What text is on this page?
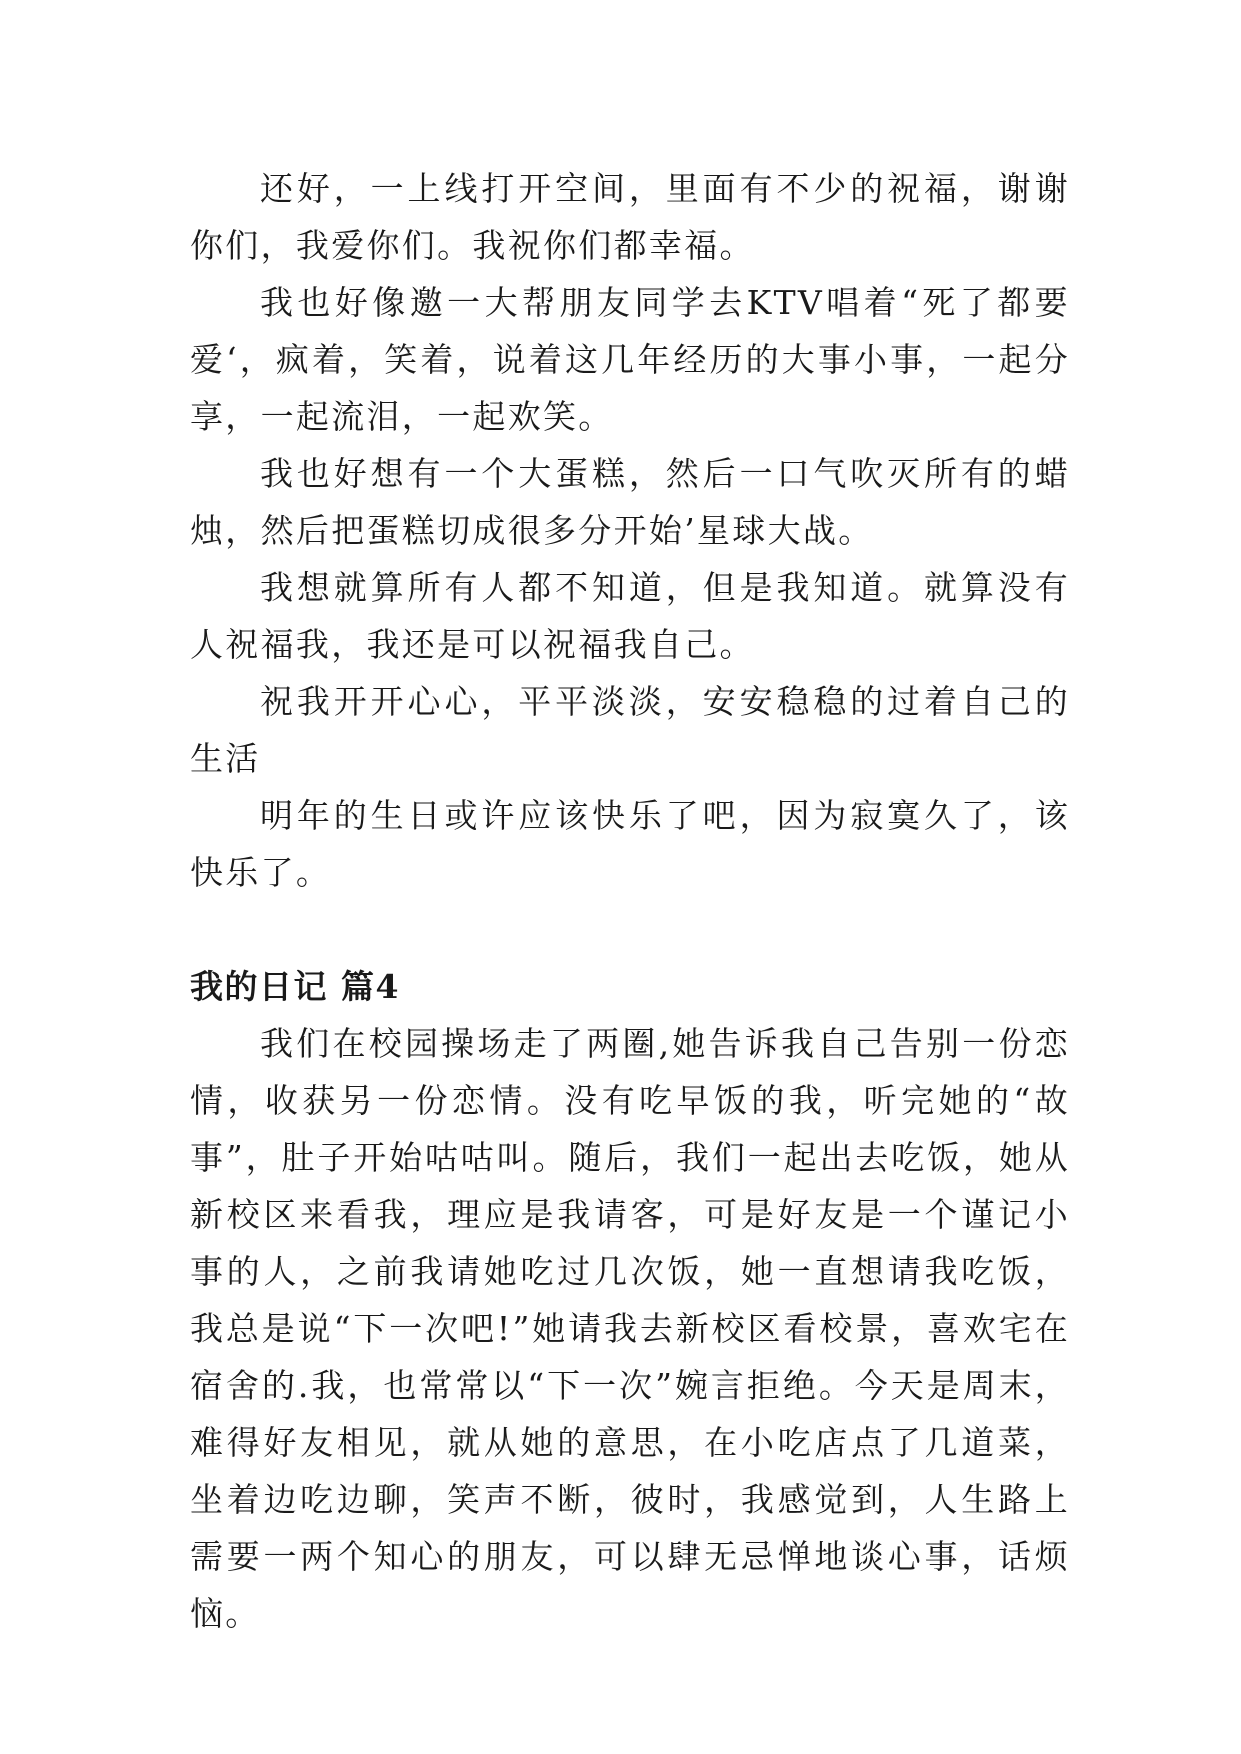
还好，一上线打开空间，里面有不少的祝福，谢谢你们，我爱你们。我祝你们都幸福。

我也好像邀一大帮朋友同学去KTV唱着“死了都要爱‘，疯着，笑着，说着这几年经历的大事小事，一起分享，一起流泪，一起欢笑。

我也好想有一个大蛋糕，然后一口气吹灭所有的蜡烛，然后把蛋糕切成很多分开始’星球大战。

我想就算所有人都不知道，但是我知道。就算没有人祝福我，我还是可以祝福我自己。

祝我开开心心，平平淡淡，安安稳稳的过着自己的生活

明年的生日或许应该快乐了吧，因为寂寞久了，该快乐了。

我的日记 篇4

我们在校园操场走了两圈,她告诉我自己告别一份恋情，收获另一份恋情。没有吃早饭的我，听完她的“故事”，肚子开始咕咕叫。随后，我们一起出去吃饭，她从新校区来看我，理应是我请客，可是好友是一个谨记小事的人，之前我请她吃过几次饭，她一直想请我吃饭，我总是说“下一次吧!”她请我去新校区看校景，喜欢宅在宿舍的.我，也常常以“下一次”婉言拒绝。今天是周末，难得好友相见，就从她的意思，在小吃店点了几道菜，坐着边吃边聊，笑声不断，彼时，我感觉到，人生路上需要一两个知心的朋友，可以肆无忌惮地谈心事，话烦恼。
